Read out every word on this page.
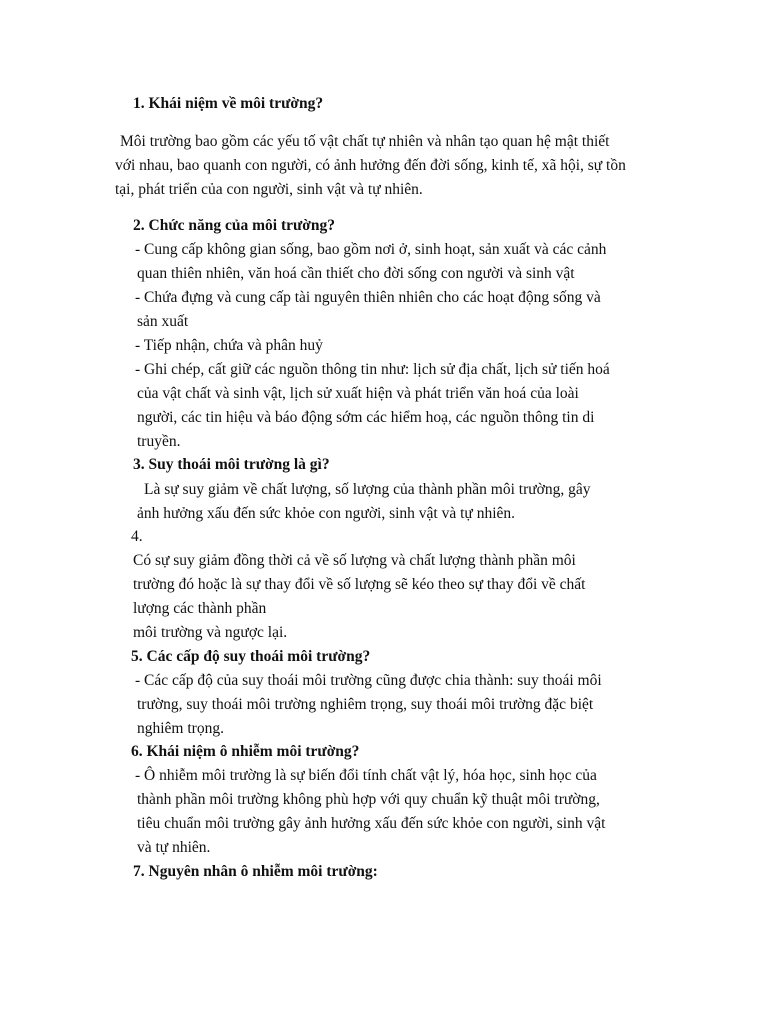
1. Khái niệm về môi trường?
Môi trường bao gồm các yếu tố vật chất tự nhiên và nhân tạo quan hệ mật thiết
với nhau, bao quanh con người, có ảnh hưởng đến đời sống, kinh tế, xã hội, sự tồn
tại, phát triển của con người, sinh vật và tự nhiên.
2. Chức năng của môi trường?
- Cung cấp không gian sống, bao gồm nơi ở, sinh hoạt, sản xuất và các cảnh
quan thiên nhiên, văn hoá cần thiết cho đời sống con người và sinh vật
- Chứa đựng và cung cấp tài nguyên thiên nhiên cho các hoạt động sống và
sản xuất
- Tiếp nhận, chứa và phân huỷ
- Ghi chép, cất giữ các nguồn thông tin như: lịch sử địa chất, lịch sử tiến hoá
của vật chất và sinh vật, lịch sử xuất hiện và phát triển văn hoá của loài
người, các tin hiệu và báo động sớm các hiểm hoạ, các nguồn thông tin di
truyền.
3. Suy thoái môi trường là gì?
Là sự suy giảm về chất lượng, số lượng của thành phần môi trường, gây
ảnh hưởng xấu đến sức khỏe con người, sinh vật và tự nhiên.
4.
Có sự suy giảm đồng thời cả về số lượng và chất lượng thành phần môi
trường đó hoặc là sự thay đổi về số lượng sẽ kéo theo sự thay đổi về chất
lượng các thành phần
môi trường và ngược lại.
5. Các cấp độ suy thoái môi trường?
- Các cấp độ của suy thoái môi trường cũng được chia thành: suy thoái môi
trường, suy thoái môi trường nghiêm trọng, suy thoái môi trường đặc biệt
nghiêm trọng.
6. Khái niệm ô nhiễm môi trường?
- Ô nhiễm môi trường là sự biến đổi tính chất vật lý, hóa học, sinh học của
thành phần môi trường không phù hợp với quy chuẩn kỹ thuật môi trường,
tiêu chuẩn môi trường gây ảnh hưởng xấu đến sức khỏe con người, sinh vật
và tự nhiên.
7. Nguyên nhân ô nhiễm môi trường:
